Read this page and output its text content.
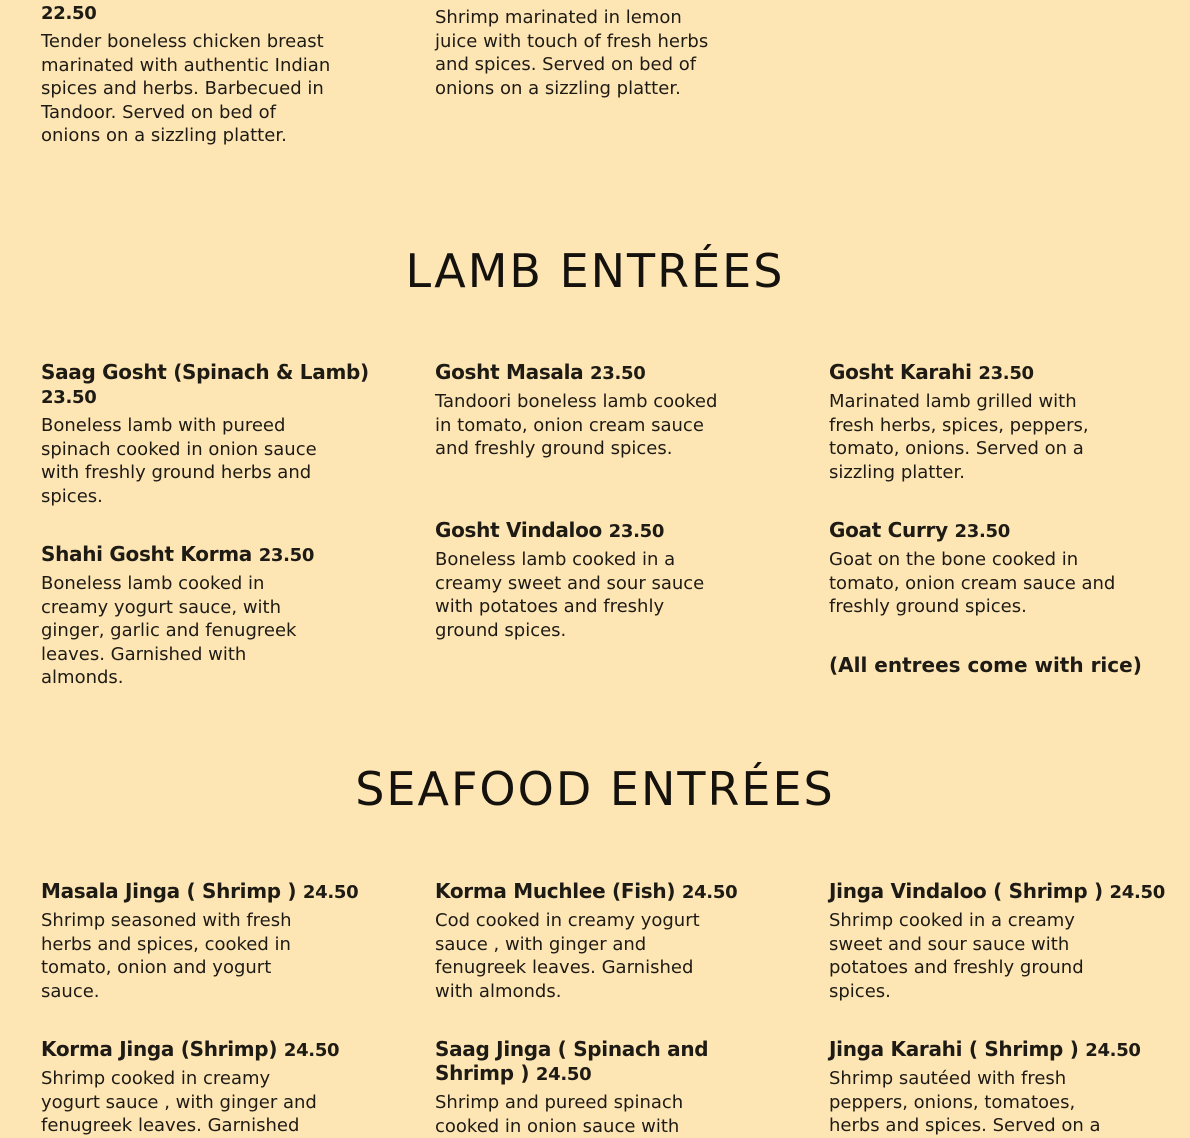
22.50

Tender boneless chicken breast marinated with authentic Indian spices and herbs. Barbecued in Tandoor. Served on bed of onions on a sizzling platter.

Shrimp marinated in lemon juice with touch of fresh herbs and spices. Served on bed of onions on a sizzling platter.

LAMB ENTRÉES
Saag Gosht (Spinach & Lamb)
23.50

Boneless lamb with pureed spinach cooked in onion sauce with freshly ground herbs and spices.

Gosht Masala 23.50

Tandoori boneless lamb cooked in tomato, onion cream sauce and freshly ground spices.

Gosht Karahi 23.50

Marinated lamb grilled with fresh herbs, spices, peppers, tomato, onions. Served on a sizzling platter.

Shahi Gosht Korma 23.50

Boneless lamb cooked in creamy yogurt sauce, with ginger, garlic and fenugreek leaves. Garnished with almonds.

Gosht Vindaloo 23.50

Boneless lamb cooked in a creamy sweet and sour sauce with potatoes and freshly ground spices.

Goat Curry 23.50

Goat on the bone cooked in tomato, onion cream sauce and freshly ground spices.

(All entrees come with rice)

SEAFOOD ENTRÉES
Masala Jinga ( Shrimp ) 24.50

Shrimp seasoned with fresh herbs and spices, cooked in tomato, onion and yogurt sauce.

Korma Muchlee (Fish) 24.50

Cod cooked in creamy yogurt sauce , with ginger and fenugreek leaves. Garnished with almonds.

Jinga Vindaloo ( Shrimp ) 24.50

Shrimp cooked in a creamy sweet and sour sauce with potatoes and freshly ground spices.

Korma Jinga (Shrimp) 24.50

Shrimp cooked in creamy yogurt sauce , with ginger and fenugreek leaves. Garnished

Saag Jinga ( Spinach and Shrimp ) 24.50

Shrimp and pureed spinach cooked in onion sauce with

Jinga Karahi ( Shrimp ) 24.50

Shrimp sautéed with fresh peppers, onions, tomatoes, herbs and spices. Served on a
